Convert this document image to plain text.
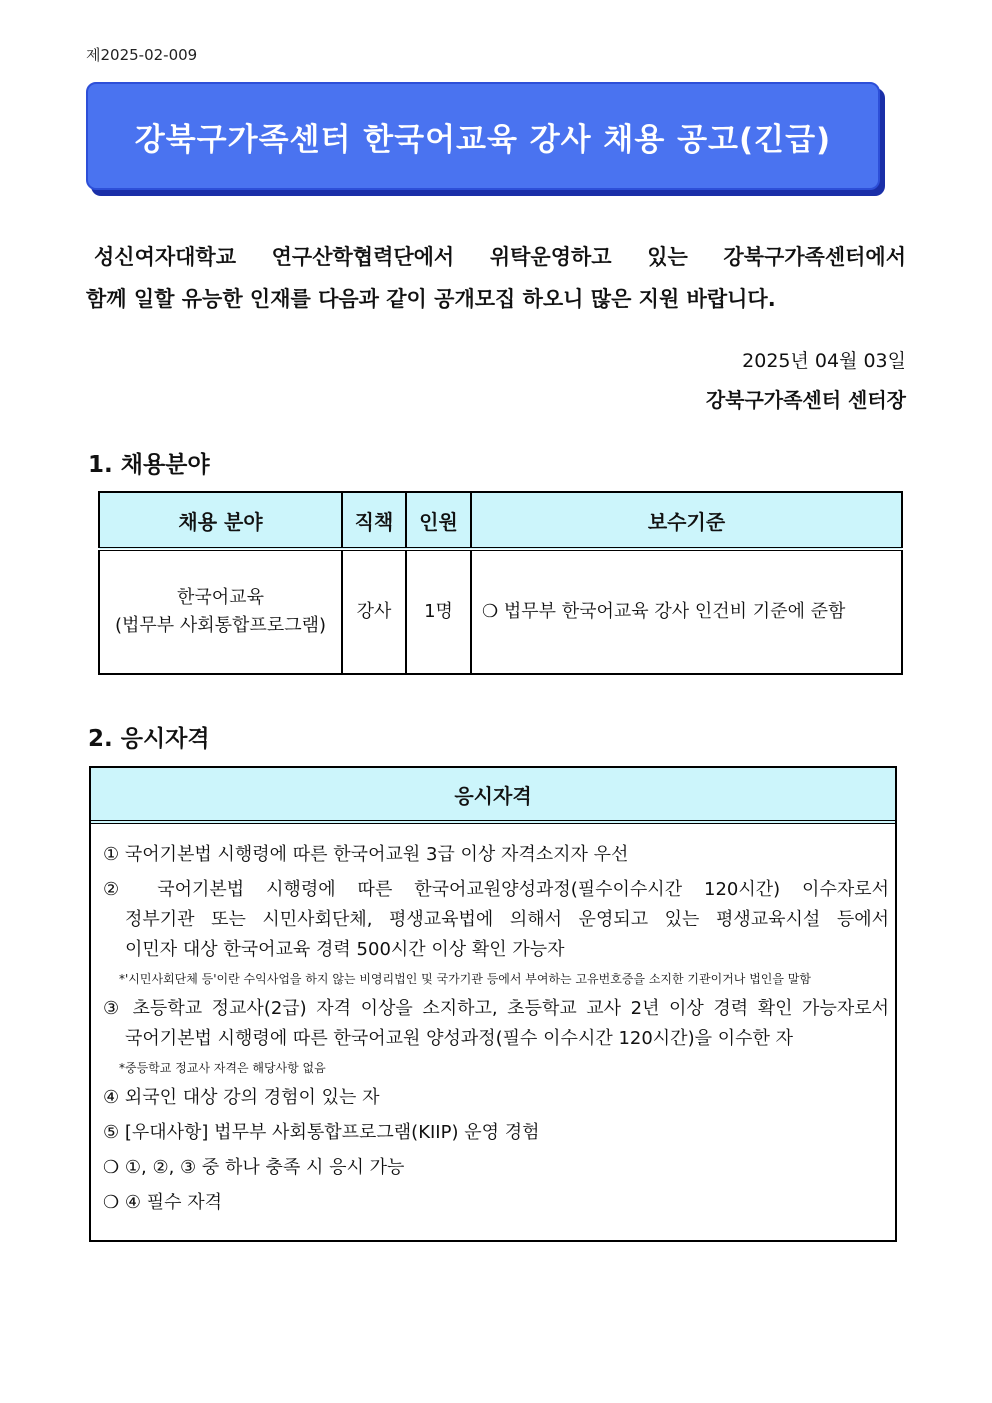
제2025-02-009
강북구가족센터 한국어교육 강사 채용 공고(긴급)
성신여자대학교 연구산학협력단에서 위탁운영하고 있는 강북구가족센터에서
함께 일할 유능한 인재를 다음과 같이 공개모집 하오니 많은 지원 바랍니다.
2025년 04월 03일
강북구가족센터 센터장
1. 채용분야
채용 분야	직책	인원	보수기준

한국어교육
(법무부 사회통합프로그램)	강사	1명	❍ 법무부 한국어교육 강사 인건비 기준에 준함
2. 응시자격
응시자격
① 국어기본법 시행령에 따른 한국어교원 3급 이상 자격소지자 우선
② 국어기본법 시행령에 따른 한국어교원양성과정(필수이수시간 120시간) 이수자로서
정부기관 또는 시민사회단체, 평생교육법에 의해서 운영되고 있는 평생교육시설 등에서
이민자 대상 한국어교육 경력 500시간 이상 확인 가능자
*'시민사회단체 등'이란 수익사업을 하지 않는 비영리법인 및 국가기관 등에서 부여하는 고유번호증을 소지한 기관이거나 법인을 말함
③ 초등학교 정교사(2급) 자격 이상을 소지하고, 초등학교 교사 2년 이상 경력 확인 가능자로서
국어기본법 시행령에 따른 한국어교원 양성과정(필수 이수시간 120시간)을 이수한 자
*중등학교 정교사 자격은 해당사항 없음
④ 외국인 대상 강의 경험이 있는 자
⑤ [우대사항] 법무부 사회통합프로그램(KIIP) 운영 경험
❍ ①, ②, ③ 중 하나 충족 시 응시 가능
❍ ④ 필수 자격
